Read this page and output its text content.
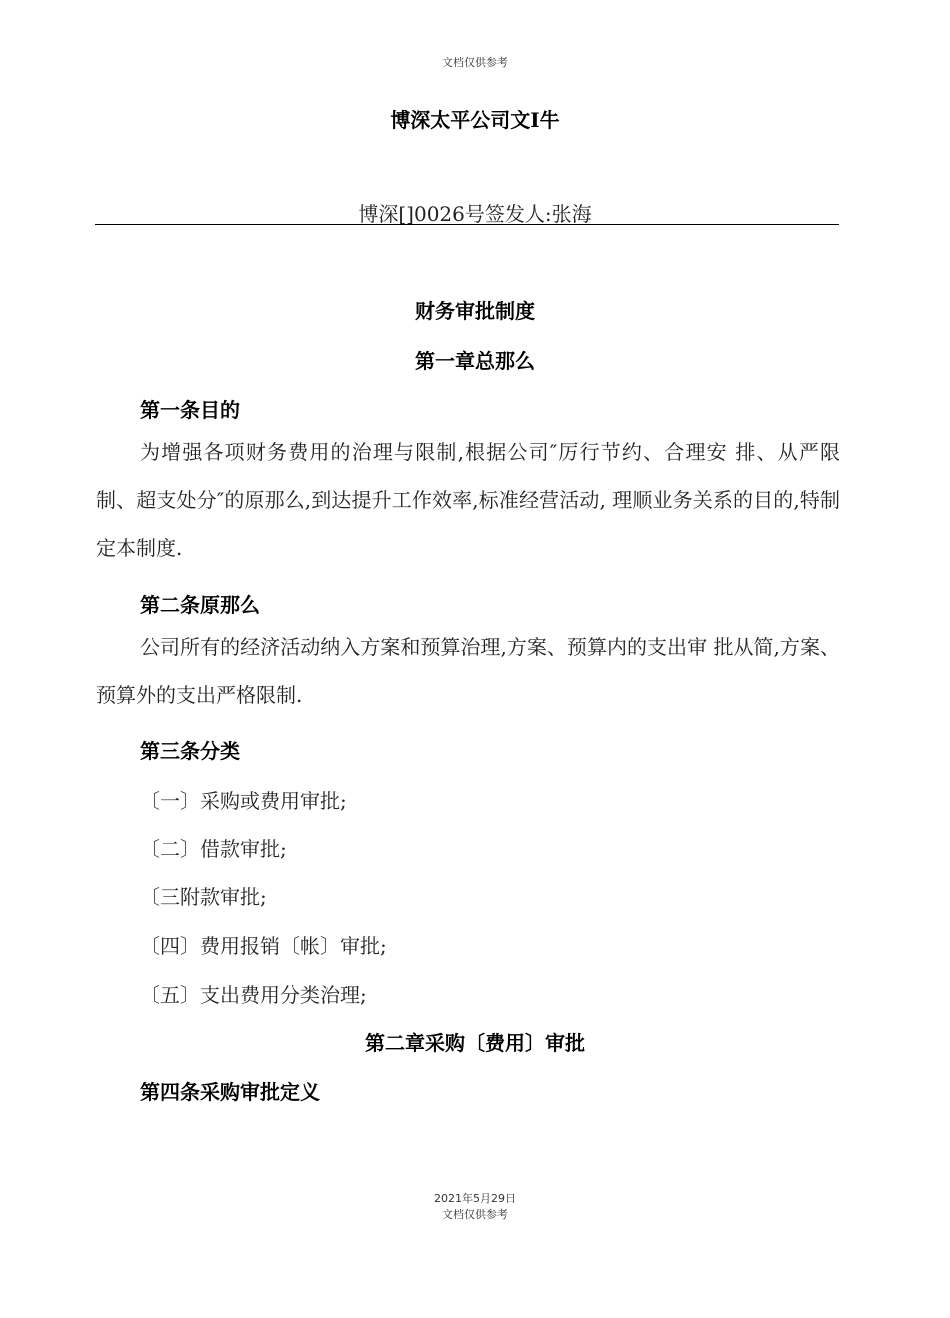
文档仅供参考
博深太平公司文I牛
博深[]0026号签发人:张海
财务审批制度
第一章总那么
第一条目的
为增强各项财务费用的治理与限制,根据公司″厉行节约、合理安 排、从严限制、超支处分″的原那么,到达提升工作效率,标准经营活动, 理顺业务关系的目的,特制定本制度.
第二条原那么
公司所有的经济活动纳入方案和预算治理,方案、预算内的支出审 批从简,方案、预算外的支出严格限制.
第三条分类
〔一〕采购或费用审批;
〔二〕借款审批;
〔三附款审批;
〔四〕费用报销〔帐〕审批;
〔五〕支出费用分类治理;
第二章采购〔费用〕审批
第四条采购审批定义
2021年5月29日
文档仅供参考
